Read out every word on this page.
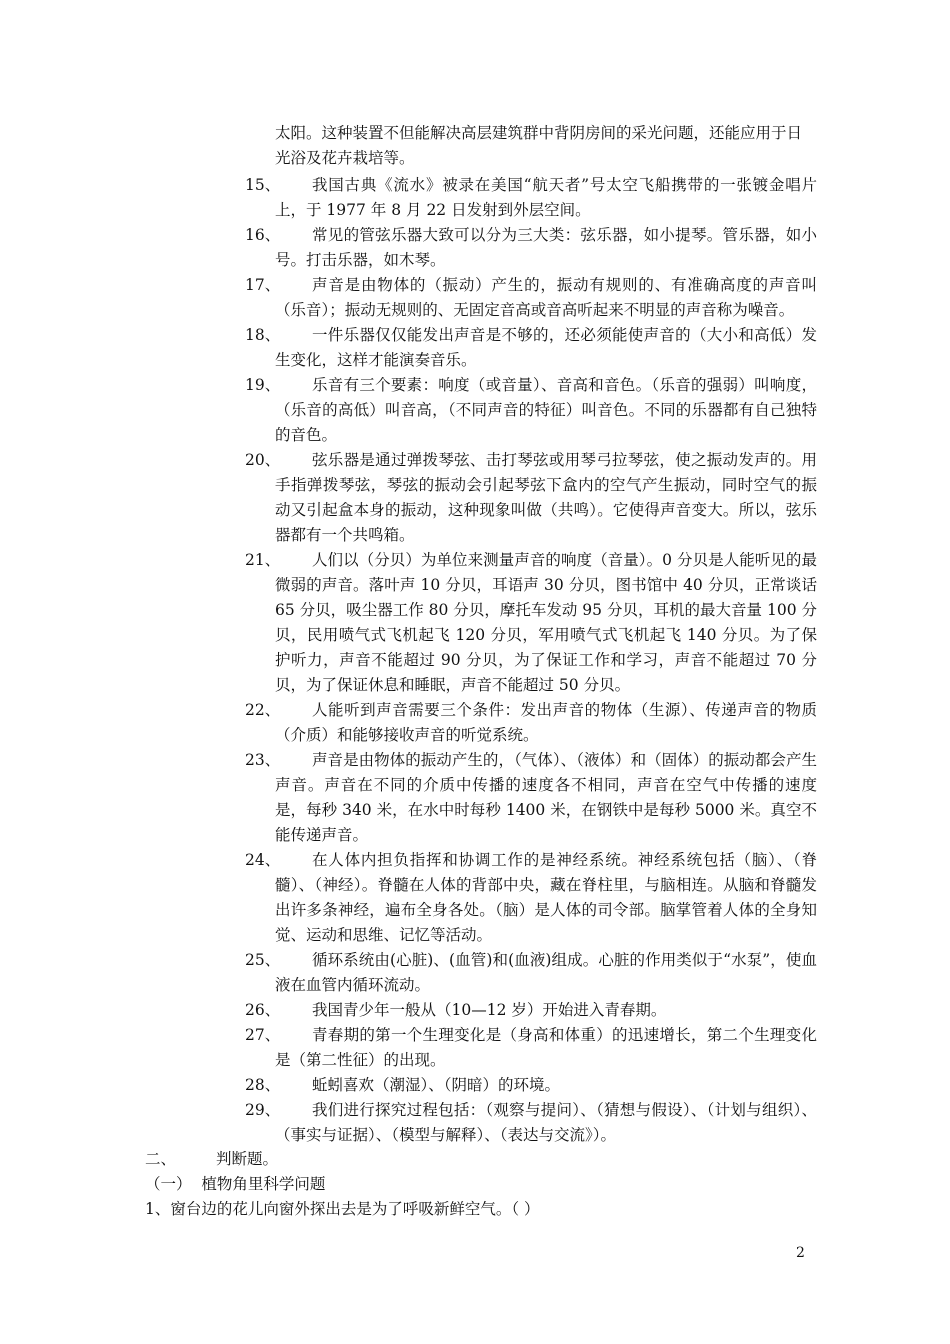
太阳。这种装置不但能解决高层建筑群中背阴房间的采光问题，还能应用于日光浴及花卉栽培等。
15、	我国古典《流水》被录在美国“航天者”号太空飞船携带的一张镀金唱片上，于 1977 年 8 月 22 日发射到外层空间。
16、	常见的管弦乐器大致可以分为三大类：弦乐器，如小提琴。管乐器，如小号。打击乐器，如木琴。
17、	声音是由物体的（振动）产生的，振动有规则的、有准确高度的声音叫（乐音）；振动无规则的、无固定音高或音高听起来不明显的声音称为噪音。
18、	一件乐器仅仅能发出声音是不够的，还必须能使声音的（大小和高低）发生变化，这样才能演奏音乐。
19、	乐音有三个要素：响度（或音量）、音高和音色。（乐音的强弱）叫响度，（乐音的高低）叫音高，（不同声音的特征）叫音色。不同的乐器都有自己独特的音色。
20、	弦乐器是通过弹拨琴弦、击打琴弦或用琴弓拉琴弦，使之振动发声的。用手指弹拨琴弦，琴弦的振动会引起琴弦下盒内的空气产生振动，同时空气的振动又引起盒本身的振动，这种现象叫做（共鸣）。它使得声音变大。所以，弦乐器都有一个共鸣箱。
21、	人们以（分贝）为单位来测量声音的响度（音量）。0 分贝是人能听见的最微弱的声音。落叶声 10 分贝，耳语声 30 分贝，图书馆中 40 分贝，正常谈话 65 分贝，吸尘器工作 80 分贝，摩托车发动 95 分贝，耳机的最大音量 100 分贝，民用喷气式飞机起飞 120 分贝，军用喷气式飞机起飞 140 分贝。为了保护听力，声音不能超过 90 分贝，为了保证工作和学习，声音不能超过 70 分贝，为了保证休息和睡眠，声音不能超过 50 分贝。
22、	人能听到声音需要三个条件：发出声音的物体（生源）、传递声音的物质（介质）和能够接收声音的听觉系统。
23、	声音是由物体的振动产生的，（气体）、（液体）和（固体）的振动都会产生声音。声音在不同的介质中传播的速度各不相同，声音在空气中传播的速度是，每秒 340 米，在水中时每秒 1400 米，在钢铁中是每秒 5000 米。真空不能传递声音。
24、	在人体内担负指挥和协调工作的是神经系统。神经系统包括（脑）、（脊髓）、（神经）。脊髓在人体的背部中央，藏在脊柱里，与脑相连。从脑和脊髓发出许多条神经，遍布全身各处。（脑）是人体的司令部。脑掌管着人体的全身知觉、运动和思维、记忆等活动。
25、	循环系统由(心脏)、(血管)和(血液)组成。心脏的作用类似于“水泵”，使血液在血管内循环流动。
26、	我国青少年一般从（10—12 岁）开始进入青春期。
27、	青春期的第一个生理变化是（身高和体重）的迅速增长，第二个生理变化是（第二性征）的出现。
28、	蚯蚓喜欢（潮湿）、（阴暗）的环境。
29、	我们进行探究过程包括：（观察与提问）、（猜想与假设）、（计划与组织）、（事实与证据）、（模型与解释）、（表达与交流》）。
二、	判断题。
（一） 植物角里科学问题
1、窗台边的花儿向窗外探出去是为了呼吸新鲜空气。（ ）
2
